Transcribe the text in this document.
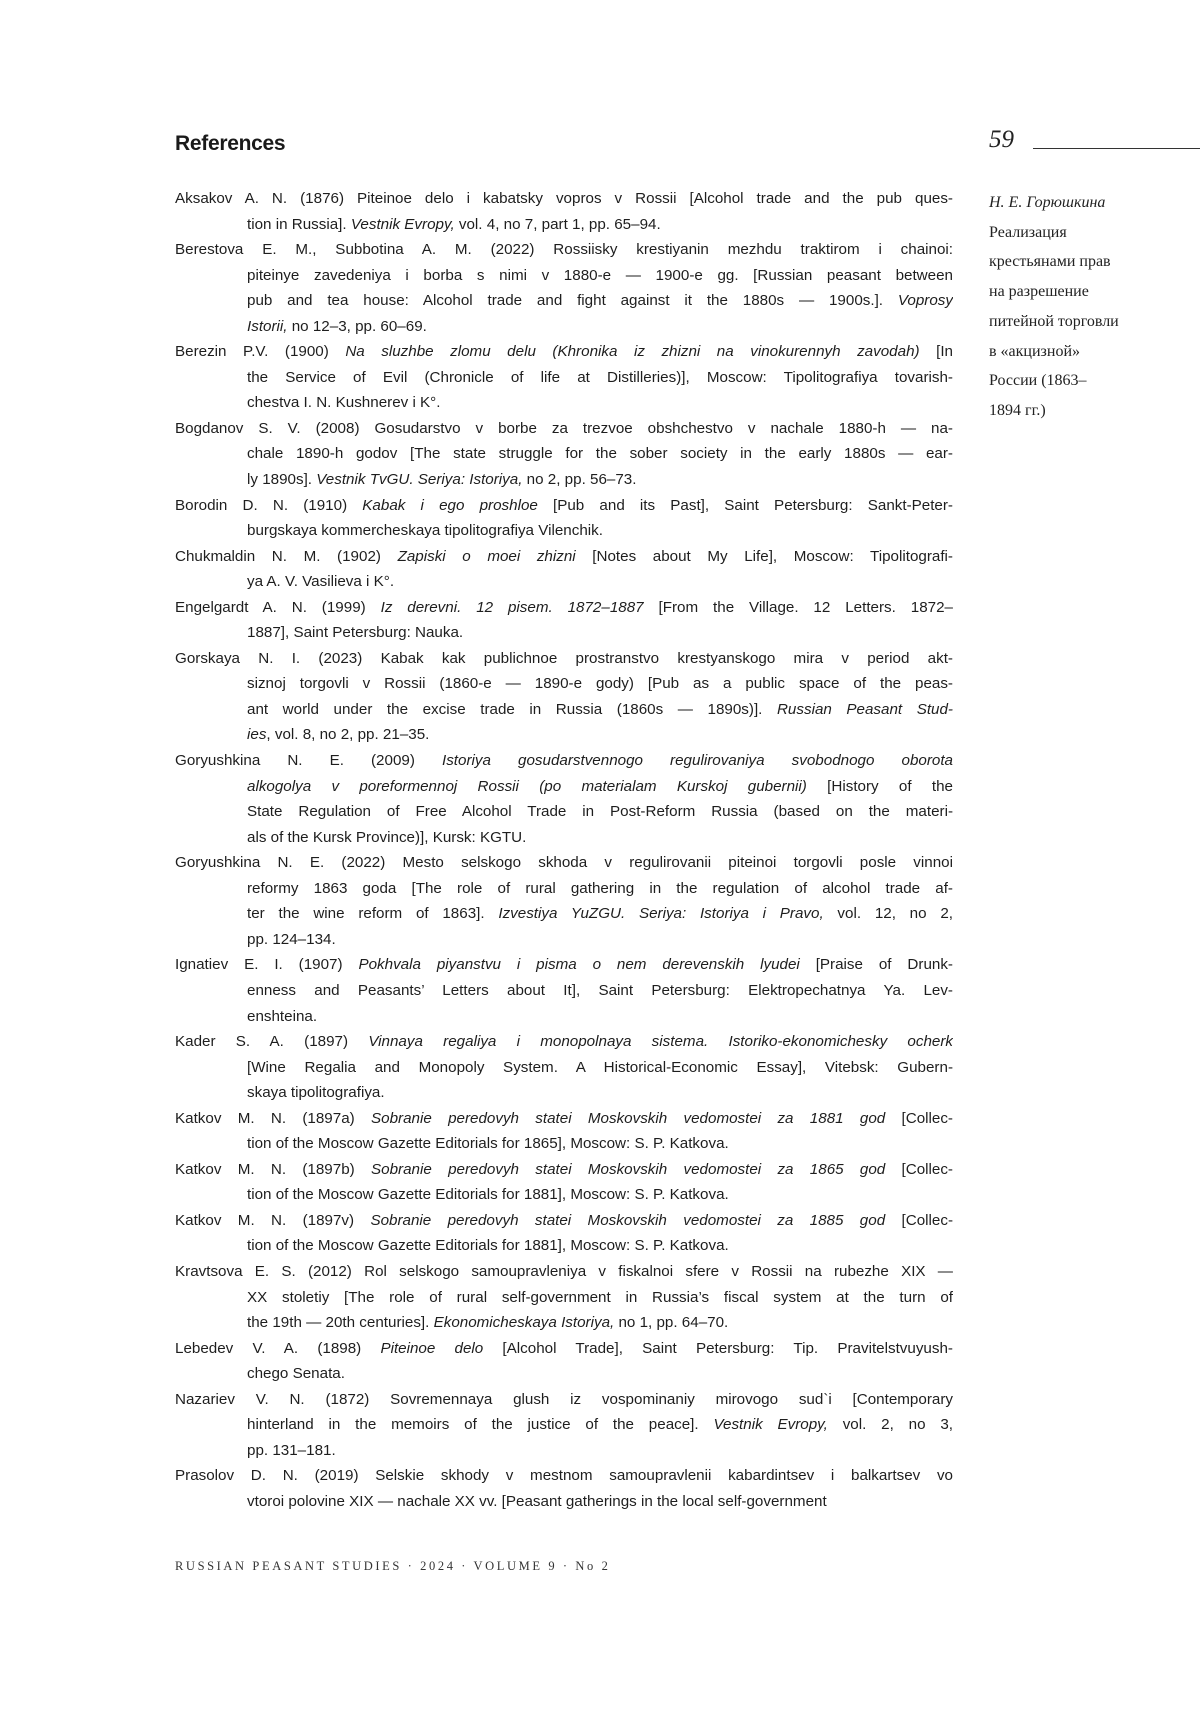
References	59
Aksakov A. N. (1876) Piteinoe delo i kabatsky vopros v Rossii [Alcohol trade and the pub ques-
tion in Russia]. Vestnik Evropy, vol. 4, no 7, part 1, pp. 65–94.
Berestova E. M., Subbotina A. M. (2022) Rossiisky krestiyanin mezhdu traktirom i chainoi:
piteinye zavedeniya i borba s nimi v 1880-e — 1900-e gg. [Russian peasant between
pub and tea house: Alcohol trade and fight against it the 1880s — 1900s.]. Voprosy
Istorii, no 12–3, pp. 60–69.
Berezin P.V. (1900) Na sluzhbe zlomu delu (Khronika iz zhizni na vinokurennyh zavodah) [In
the Service of Evil (Chronicle of life at Distilleries)], Moscow: Tipolitografiya tovarish-
chestva I. N. Kushnerev i K°.
Bogdanov S. V. (2008) Gosudarstvo v borbe za trezvoe obshchestvo v nachale 1880-h — na-
chale 1890-h godov [The state struggle for the sober society in the early 1880s — ear-
ly 1890s]. Vestnik TvGU. Seriya: Istoriya, no 2, pp. 56–73.
Borodin D. N. (1910) Kabak i ego proshloe [Pub and its Past], Saint Petersburg: Sankt-Peter-
burgskaya kommercheskaya tipolitografiya Vilenchik.
Chukmaldin N. M. (1902) Zapiski o moei zhizni [Notes about My Life], Moscow: Tipolitografi-
ya A. V. Vasilieva i K°.
Engelgardt A. N. (1999) Iz derevni. 12 pisem. 1872–1887 [From the Village. 12 Letters. 1872–
1887], Saint Petersburg: Nauka.
Gorskaya N. I. (2023) Kabak kak publichnoe prostranstvo krestyanskogo mira v period akt-
siznoj torgovli v Rossii (1860-e — 1890-e gody) [Pub as a public space of the peas-
ant world under the excise trade in Russia (1860s — 1890s)]. Russian Peasant Stud-
ies, vol. 8, no 2, pp. 21–35.
Goryushkina N. E. (2009) Istoriya gosudarstvennogo regulirovaniya svobodnogo oborota
alkogolya v poreformennoj Rossii (po materialam Kurskoj gubernii) [History of the
State Regulation of Free Alcohol Trade in Post-Reform Russia (based on the materi-
als of the Kursk Province)], Kursk: KGTU.
Goryushkina N. E. (2022) Mesto selskogo skhoda v regulirovanii piteinoi torgovli posle vinnoi
reformy 1863 goda [The role of rural gathering in the regulation of alcohol trade af-
ter the wine reform of 1863]. Izvestiya YuZGU. Seriya: Istoriya i Pravo, vol. 12, no 2,
pp. 124–134.
Ignatiev E. I. (1907) Pokhvala piyanstvu i pisma o nem derevenskih lyudei [Praise of Drunk-
enness and Peasants’ Letters about It], Saint Petersburg: Elektropechatnya Ya. Lev-
enshteina.
Kader S. A. (1897) Vinnaya regaliya i monopolnaya sistema. Istoriko-ekonomichesky ocherk
[Wine Regalia and Monopoly System. A Historical-Economic Essay], Vitebsk: Gubern-
skaya tipolitografiya.
Katkov M. N. (1897a) Sobranie peredovyh statei Moskovskih vedomostei za 1881 god [Collec-
tion of the Moscow Gazette Editorials for 1865], Moscow: S. P. Katkova.
Katkov M. N. (1897b) Sobranie peredovyh statei Moskovskih vedomostei za 1865 god [Collec-
tion of the Moscow Gazette Editorials for 1881], Moscow: S. P. Katkova.
Katkov M. N. (1897v) Sobranie peredovyh statei Moskovskih vedomostei za 1885 god [Collec-
tion of the Moscow Gazette Editorials for 1881], Moscow: S. P. Katkova.
Kravtsova E. S. (2012) Rol selskogo samoupravleniya v fiskalnoi sfere v Rossii na rubezhe XIX —
XX stoletiy [The role of rural self-government in Russia’s fiscal system at the turn of
the 19th — 20th centuries]. Ekonomicheskaya Istoriya, no 1, pp. 64–70.
Lebedev V. A. (1898) Piteinoe delo [Alcohol Trade], Saint Petersburg: Tip. Pravitelstvuyush-
chego Senata.
Nazariev V. N. (1872) Sovremennaya glush iz vospominaniy mirovogo sud`i [Contemporary
hinterland in the memoirs of the justice of the peace]. Vestnik Evropy, vol. 2, no 3,
pp. 131–181.
Prasolov D. N. (2019) Selskie skhody v mestnom samoupravlenii kabardintsev i balkartsev vo
vtoroi polovine XIX — nachale XX vv. [Peasant gatherings in the local self-government
Н. Е. Горюшкина
Реализация
крестьянами прав
на разрешение
питейной торговли
в «акцизной»
России (1863–
1894 гг.)
RUSSIAN PEASANT STUDIES · 2024 · VOLUME 9 · No 2
